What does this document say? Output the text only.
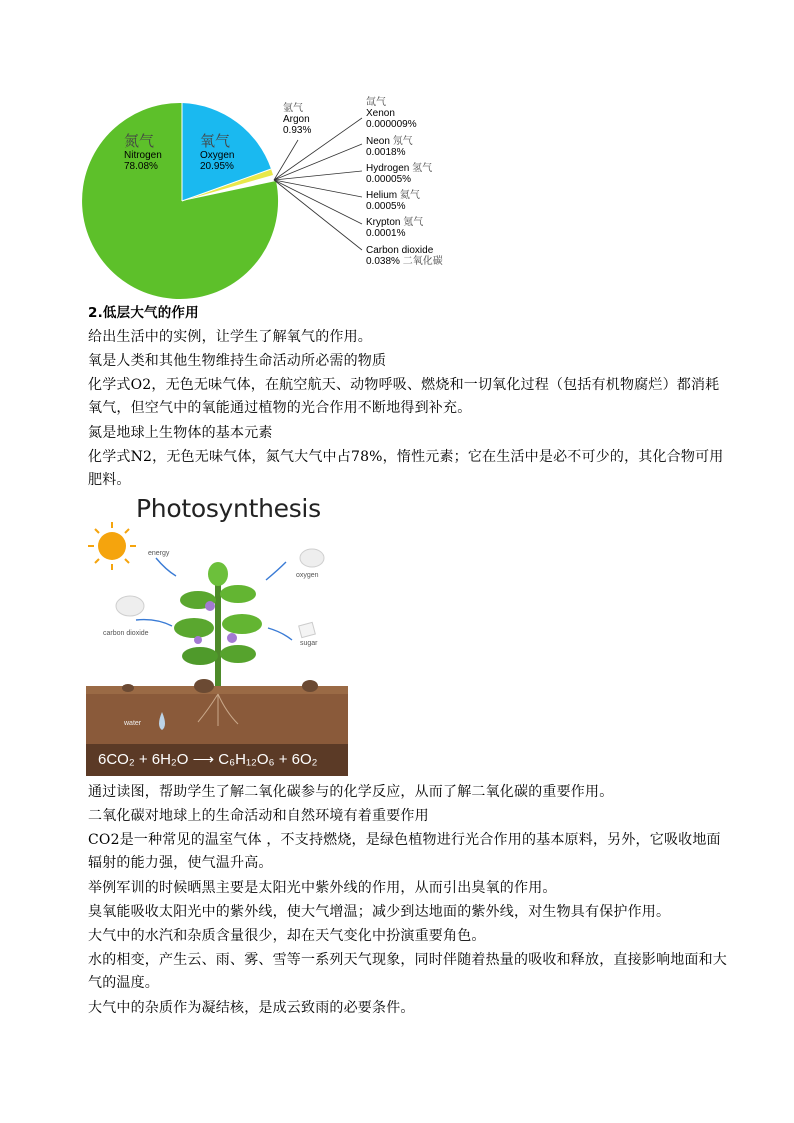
氮气
Nitrogen
78.08%
氧气
Oxygen
20.95%
氩气
Argon
0.93%
氙气
Xenon
0.000009%
Neon 氖气
0.0018%
Hydrogen 氢气
0.00005%
Helium 氦气
0.0005%
Krypton 氪气
0.0001%
Carbon dioxide
0.038% 二氧化碳
2.低层大气的作用
给出生活中的实例，让学生了解氧气的作用。
氧是人类和其他生物维持生命活动所必需的物质
化学式O2，无色无味气体，在航空航天、动物呼吸、燃烧和一切氧化过程（包括有机物腐烂）都消耗氧气，但空气中的氧能通过植物的光合作用不断地得到补充。
氮是地球上生物体的基本元素
化学式N2，无色无味气体，氮气大气中占78%，惰性元素；它在生活中是必不可少的，其化合物可用肥料。
Photosynthesis
energy
carbon dioxide
oxygen
sugar
water
6CO₂ + 6H₂O ⟶ C₆H₁₂O₆ + 6O₂
通过读图，帮助学生了解二氧化碳参与的化学反应，从而了解二氧化碳的重要作用。
二氧化碳对地球上的生命活动和自然环境有着重要作用
CO2是一种常见的温室气体 ，不支持燃烧，是绿色植物进行光合作用的基本原料，另外，它吸收地面辐射的能力强，使气温升高。
举例军训的时候晒黑主要是太阳光中紫外线的作用，从而引出臭氧的作用。
臭氧能吸收太阳光中的紫外线，使大气增温；减少到达地面的紫外线，对生物具有保护作用。
大气中的水汽和杂质含量很少，却在天气变化中扮演重要角色。
水的相变，产生云、雨、雾、雪等一系列天气现象，同时伴随着热量的吸收和释放，直接影响地面和大气的温度。
大气中的杂质作为凝结核，是成云致雨的必要条件。
